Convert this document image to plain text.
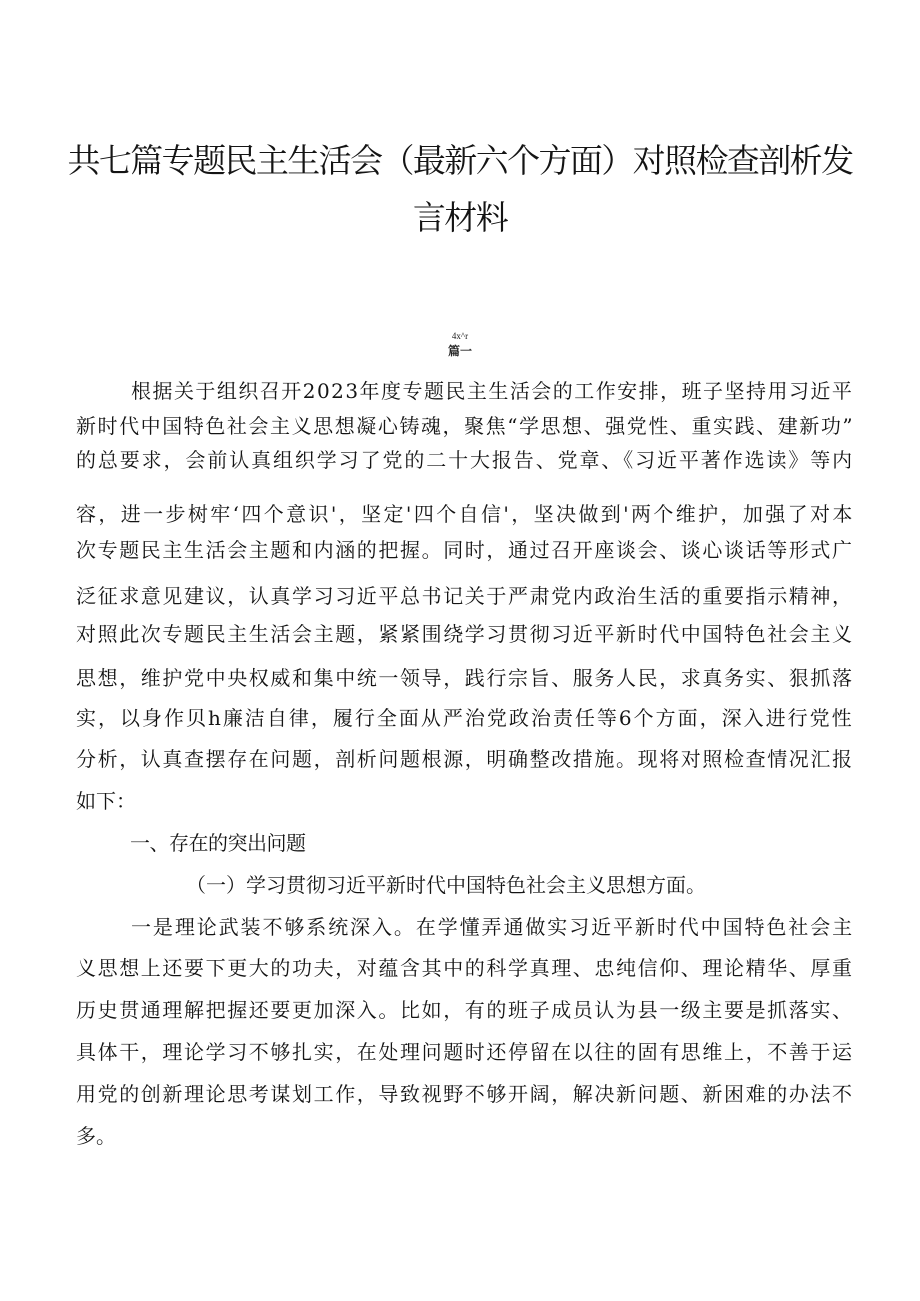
共七篇专题民主生活会（最新六个方面）对照检查剖析发
言材料
4x^r
篇一
根据关于组织召开2023年度专题民主生活会的工作安排，班子坚持用习近平
新时代中国特色社会主义思想凝心铸魂，聚焦“学思想、强党性、重实践、建新功”
的总要求，会前认真组织学习了党的二十大报告、党章、《习近平著作选读》等内
容，进一步树牢‘四个意识'，坚定'四个自信'，坚决做到'两个维护，加强了对本
次专题民主生活会主题和内涵的把握。同时，通过召开座谈会、谈心谈话等形式广
泛征求意见建议，认真学习习近平总书记关于严肃党内政治生活的重要指示精神，
对照此次专题民主生活会主题，紧紧围绕学习贯彻习近平新时代中国特色社会主义
思想，维护党中央权威和集中统一领导，践行宗旨、服务人民，求真务实、狠抓落
实，以身作贝h廉洁自律，履行全面从严治党政治责任等6个方面，深入进行党性
分析，认真查摆存在问题，剖析问题根源，明确整改措施。现将对照检查情况汇报
如下：
一、存在的突出问题
（一）学习贯彻习近平新时代中国特色社会主义思想方面。
一是理论武装不够系统深入。在学懂弄通做实习近平新时代中国特色社会主
义思想上还要下更大的功夫，对蕴含其中的科学真理、忠纯信仰、理论精华、厚重
历史贯通理解把握还要更加深入。比如，有的班子成员认为县一级主要是抓落实、
具体干，理论学习不够扎实，在处理问题时还停留在以往的固有思维上，不善于运
用党的创新理论思考谋划工作，导致视野不够开阔，解决新问题、新困难的办法不
多。
